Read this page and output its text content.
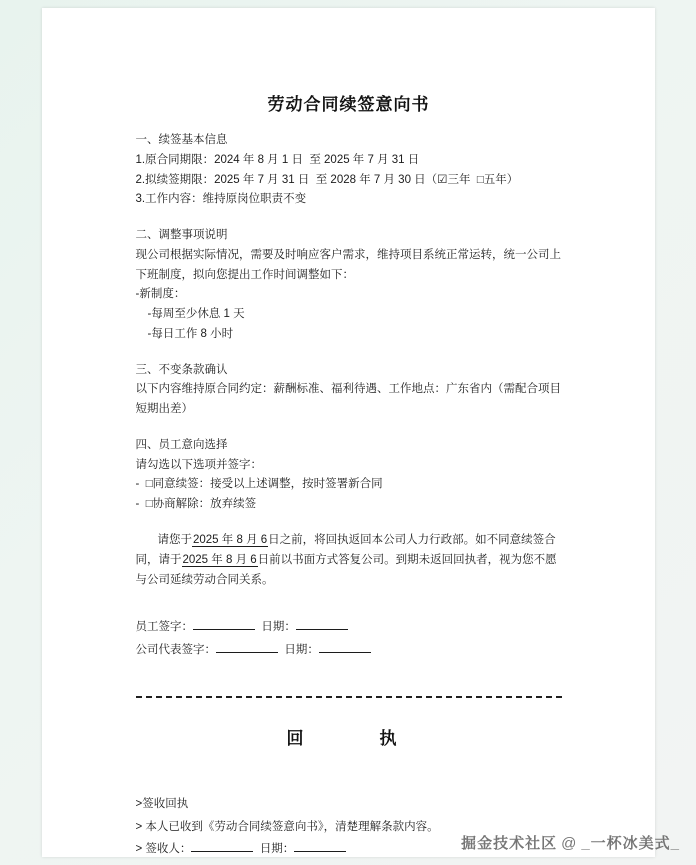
劳动合同续签意向书
一、续签基本信息
1.原合同期限：2024 年 8 月 1 日  至 2025 年 7 月 31 日
2.拟续签期限：2025 年 7 月 31 日  至 2028 年 7 月 30 日（☑三年  □五年）
3.工作内容：维持原岗位职责不变
二、调整事项说明
现公司根据实际情况，需要及时响应客户需求，维持项目系统正常运转，统一公司上下班制度，拟向您提出工作时间调整如下：
-新制度：
-每周至少休息 1 天
-每日工作 8 小时
三、不变条款确认
以下内容维持原合同约定：薪酬标准、福利待遇、工作地点：广东省内（需配合项目短期出差）
四、员工意向选择
请勾选以下选项并签字：
-  □同意续签：接受以上述调整，按时签署新合同
-  □协商解除：放弃续签
请您于2025 年 8 月 6日之前，将回执返回本公司人力行政部。如不同意续签合同，请于2025 年 8 月 6日前以书面方式答复公司。到期未返回回执者，视为您不愿与公司延续劳动合同关系。
员工签字：	日期：
公司代表签字：	日期：
回　　执
>签收回执
> 本人已收到《劳动合同续签意向书》，清楚理解条款内容。
> 签收人：	日期：	掘金技术社区 @ _一杯冰美式_
